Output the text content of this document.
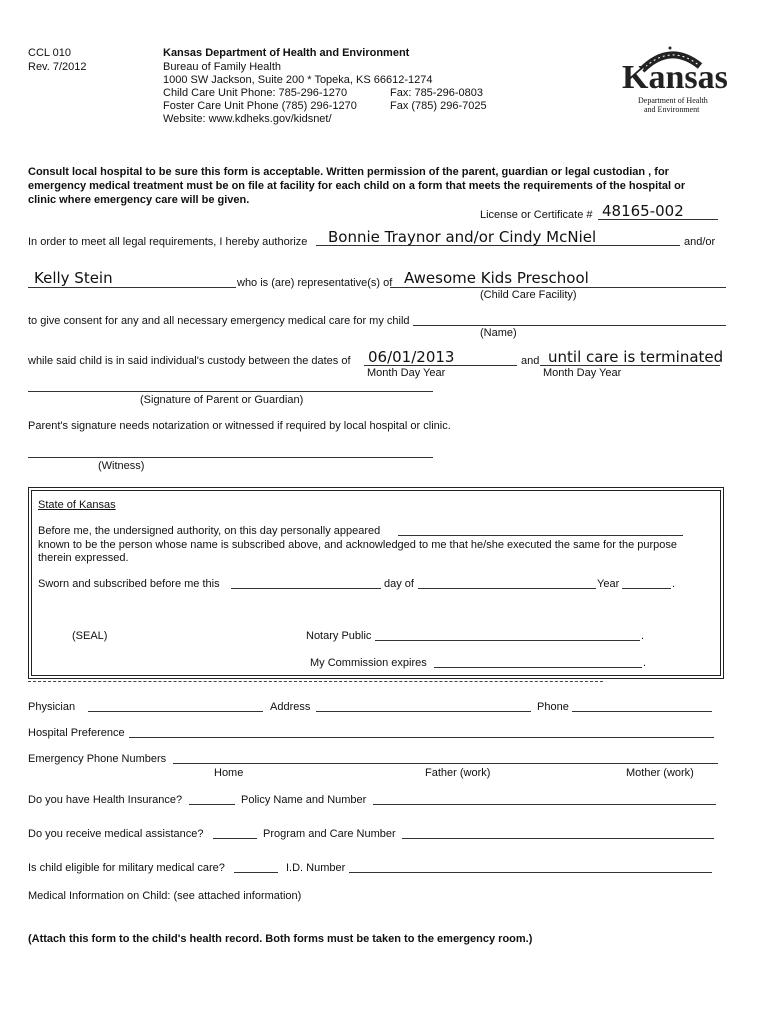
CCL 010
Rev. 7/2012
Kansas Department of Health and Environment
Bureau of Family Health
1000 SW Jackson, Suite 200 * Topeka, KS 66612-1274
Child Care Unit Phone: 785-296-1270	Fax: 785-296-0803
Foster Care Unit Phone (785) 296-1270	Fax (785) 296-7025
Website: www.kdheks.gov/kidsnet/
Kansas
Department of Health
and Environment
Consult local hospital to be sure this form is acceptable. Written permission of the parent, guardian or legal custodian , for
emergency medical treatment must be on file at facility for each child on a form that meets the requirements of the hospital or
clinic where emergency care will be given.
License or Certificate # 48165-002
In order to meet all legal requirements, I hereby authorize Bonnie Traynor and/or Cindy McNiel	and/or
Kelly Stein	who is (are) representative(s) of Awesome Kids Preschool
(Child Care Facility)
to give consent for any and all necessary emergency medical care for my child
(Name)
while said child is in said individual's custody between the dates of 06/01/2013	and until care is terminated
Month Day Year	Month Day Year
(Signature of Parent or Guardian)
Parent's signature needs notarization or witnessed if required by local hospital or clinic.
(Witness)
State of Kansas
Before me, the undersigned authority, on this day personally appeared
known to be the person whose name is subscribed above, and acknowledged to me that he/she executed the same for the purpose
therein expressed.
Sworn and subscribed before me this	day of	Year	.
(SEAL)	Notary Public	.
My Commission expires	.
Physician	Address	Phone
Hospital Preference
Emergency Phone Numbers
Home	Father (work)	Mother (work)
Do you have Health Insurance?	Policy Name and Number
Do you receive medical assistance?	Program and Care Number
Is child eligible for military medical care?	I.D. Number
Medical Information on Child: (see attached information)
(Attach this form to the child's health record. Both forms must be taken to the emergency room.)
